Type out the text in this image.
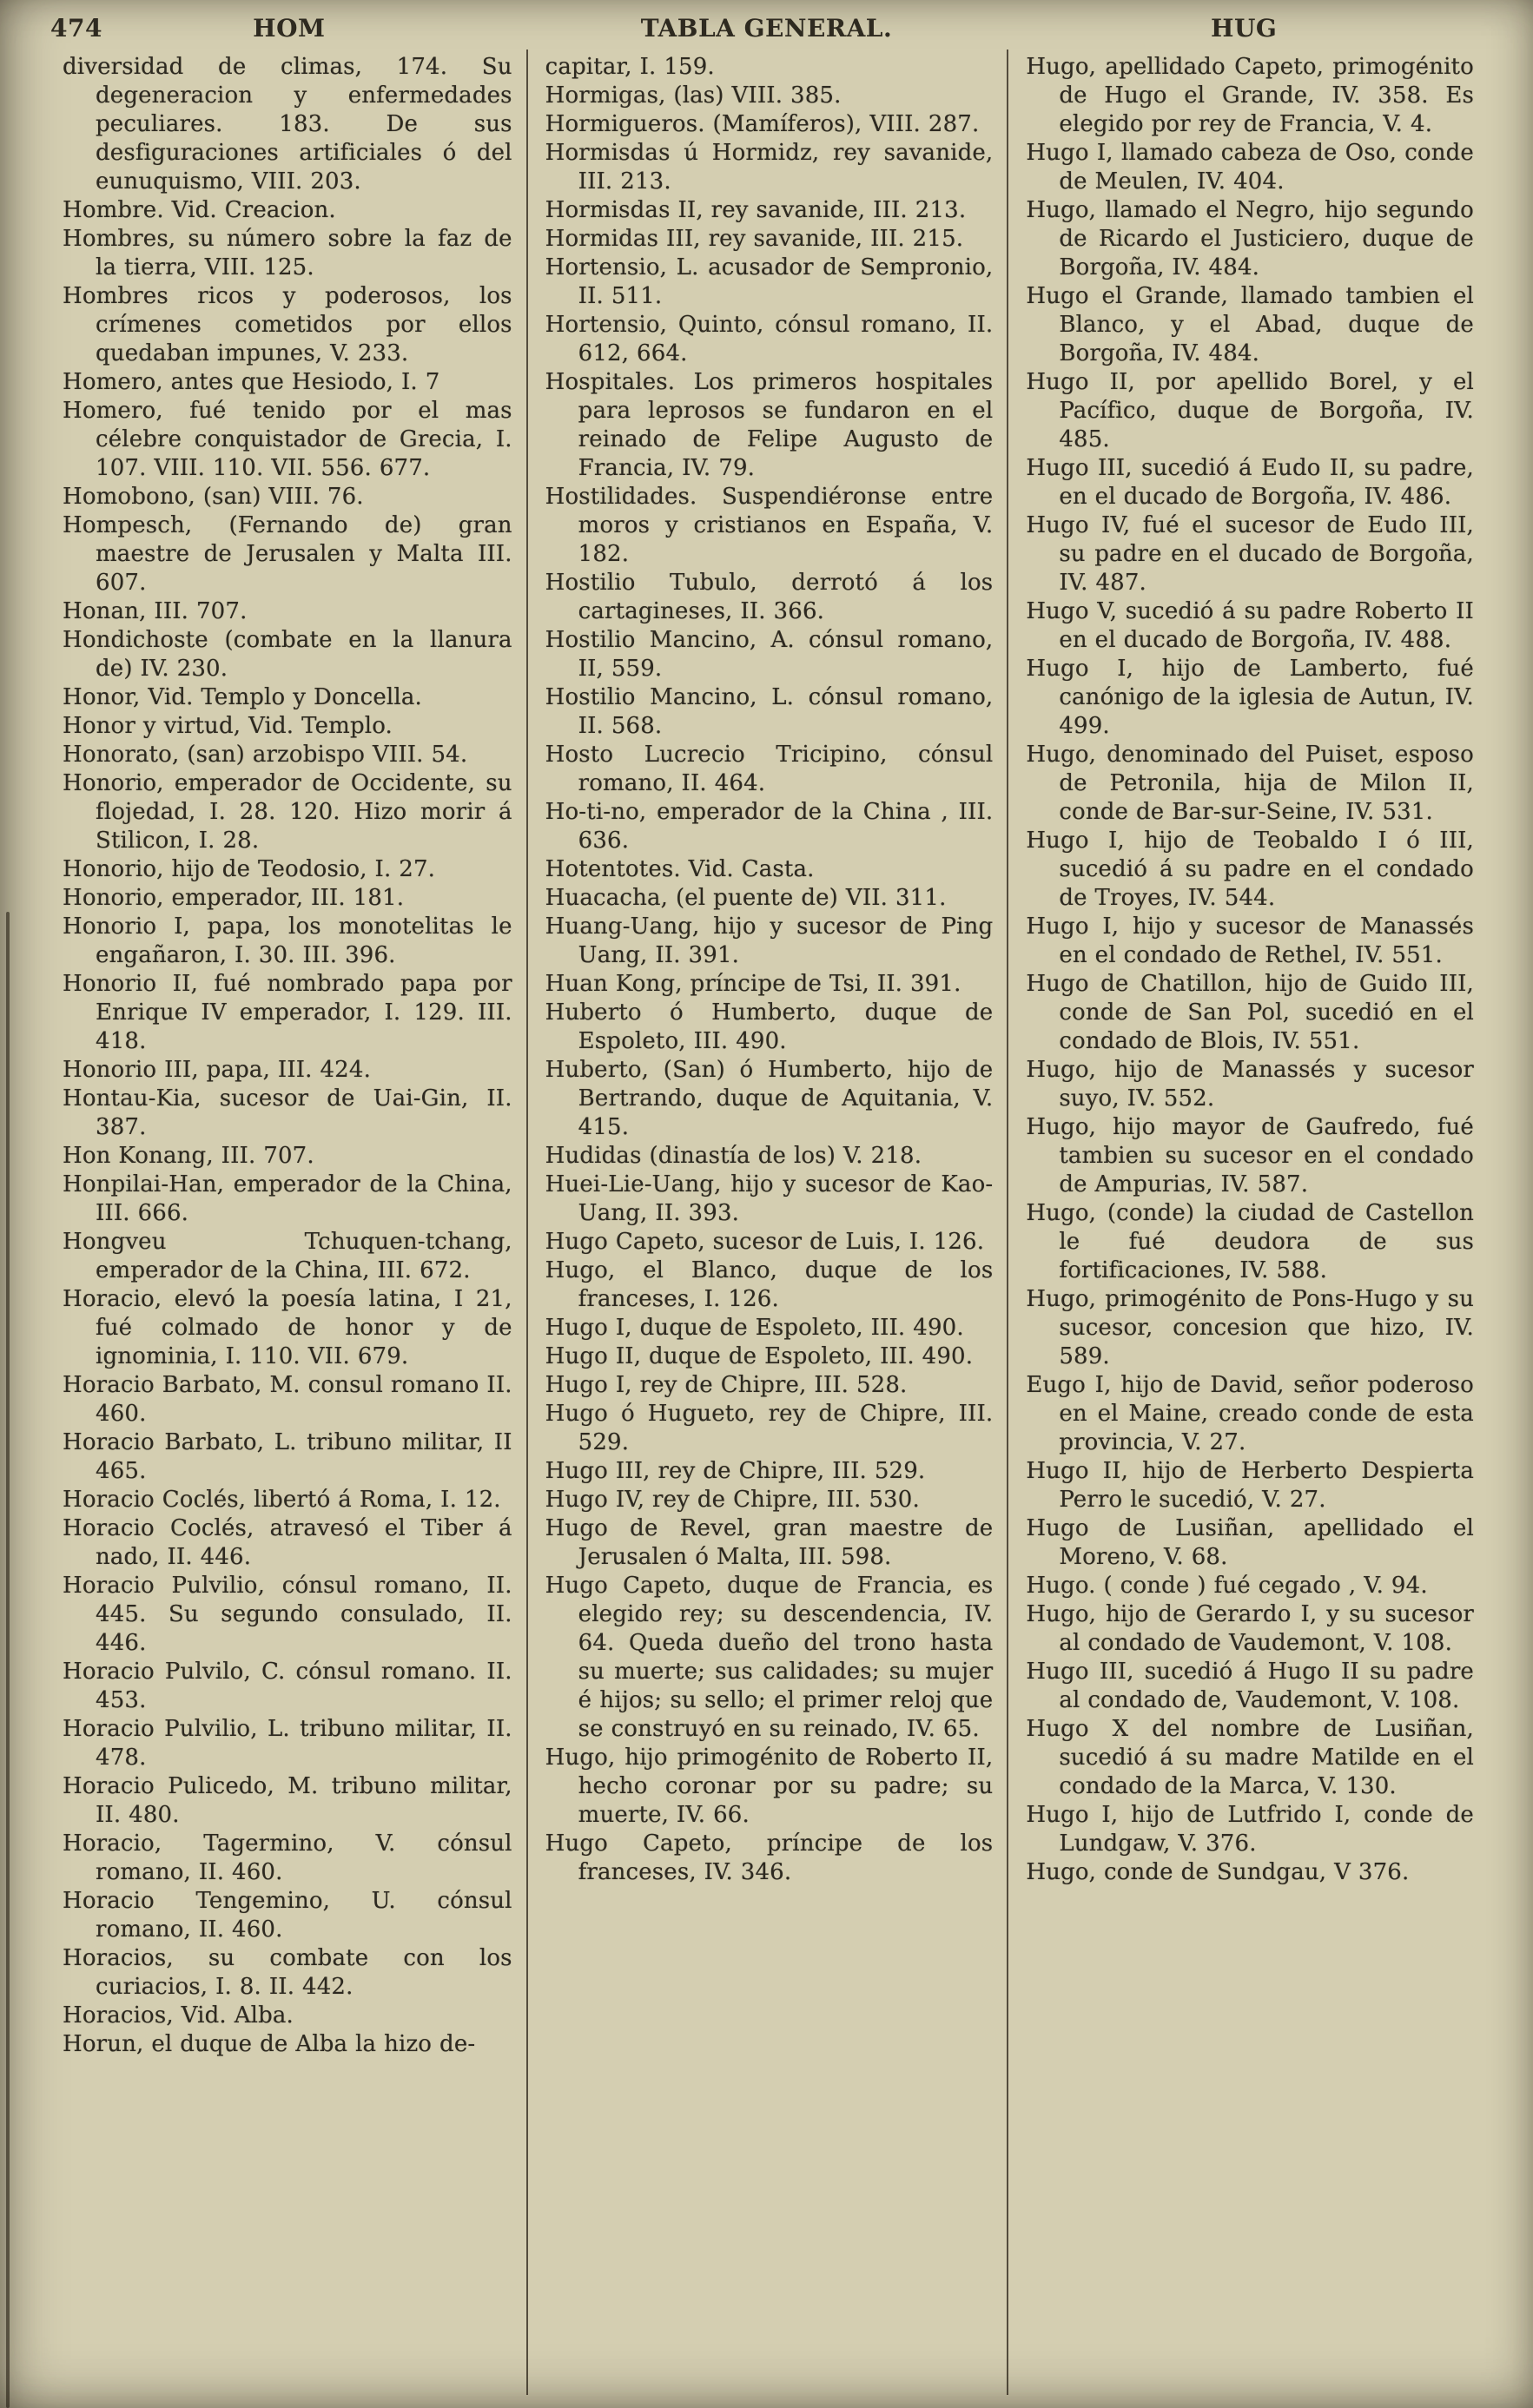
474	HOM	TABLA GENERAL.	HUG

diversidad de climas, 174. Su degeneracion y enfermedades peculiares. 183. De sus desfiguraciones artificiales ó del eunuquismo, VIII. 203.

Hombre. Vid. Creacion.

Hombres, su número sobre la faz de la tierra, VIII. 125.

Hombres ricos y poderosos, los crímenes cometidos por ellos quedaban impunes, V. 233.

Homero, antes que Hesiodo, I. 7

Homero, fué tenido por el mas célebre conquistador de Grecia, I. 107. VIII. 110. VII. 556. 677.

Homobono, (san) VIII. 76.

Hompesch, (Fernando de) gran maestre de Jerusalen y Malta III. 607.

Honan, III. 707.

Hondichoste (combate en la llanura de) IV. 230.

Honor, Vid. Templo y Doncella.

Honor y virtud, Vid. Templo.

Honorato, (san) arzobispo VIII. 54.

Honorio, emperador de Occidente, su flojedad, I. 28. 120. Hizo morir á Stilicon, I. 28.

Honorio, hijo de Teodosio, I. 27.

Honorio, emperador, III. 181.

Honorio I, papa, los monotelitas le engañaron, I. 30. III. 396.

Honorio II, fué nombrado papa por Enrique IV emperador, I. 129. III. 418.

Honorio III, papa, III. 424.

Hontau-Kia, sucesor de Uai-Gin, II. 387.

Hon Konang, III. 707.

Honpilai-Han, emperador de la China, III. 666.

Hongveu Tchuquen-tchang, emperador de la China, III. 672.

Horacio, elevó la poesía latina, I 21, fué colmado de honor y de ignominia, I. 110. VII. 679.

Horacio Barbato, M. consul romano II. 460.

Horacio Barbato, L. tribuno militar, II 465.

Horacio Coclés, libertó á Roma, I. 12.

Horacio Coclés, atravesó el Tiber á nado, II. 446.

Horacio Pulvilio, cónsul romano, II. 445. Su segundo consulado, II. 446.

Horacio Pulvilo, C. cónsul romano. II. 453.

Horacio Pulvilio, L. tribuno militar, II. 478.

Horacio Pulicedo, M. tribuno militar, II. 480.

Horacio, Tagermino, V. cónsul romano, II. 460.

Horacio Tengemino, U. cónsul romano, II. 460.

Horacios, su combate con los curiacios, I. 8. II. 442.

Horacios, Vid. Alba.

Horun, el duque de Alba la hizo de-

capitar, I. 159.

Hormigas, (las) VIII. 385.

Hormigueros. (Mamíferos), VIII. 287.

Hormisdas ú Hormidz, rey savanide, III. 213.

Hormisdas II, rey savanide, III. 213.

Hormidas III, rey savanide, III. 215.

Hortensio, L. acusador de Sempronio, II. 511.

Hortensio, Quinto, cónsul romano, II. 612, 664.

Hospitales. Los primeros hospitales para leprosos se fundaron en el reinado de Felipe Augusto de Francia, IV. 79.

Hostilidades. Suspendiéronse entre moros y cristianos en España, V. 182.

Hostilio Tubulo, derrotó á los cartagineses, II. 366.

Hostilio Mancino, A. cónsul romano, II, 559.

Hostilio Mancino, L. cónsul romano, II. 568.

Hosto Lucrecio Tricipino, cónsul romano, II. 464.

Ho-ti-no, emperador de la China , III. 636.

Hotentotes. Vid. Casta.

Huacacha, (el puente de) VII. 311.

Huang-Uang, hijo y sucesor de Ping Uang, II. 391.

Huan Kong, príncipe de Tsi, II. 391.

Huberto ó Humberto, duque de Espoleto, III. 490.

Huberto, (San) ó Humberto, hijo de Bertrando, duque de Aquitania, V. 415.

Hudidas (dinastía de los) V. 218.

Huei-Lie-Uang, hijo y sucesor de Kao-Uang, II. 393.

Hugo Capeto, sucesor de Luis, I. 126.

Hugo, el Blanco, duque de los franceses, I. 126.

Hugo I, duque de Espoleto, III. 490.

Hugo II, duque de Espoleto, III. 490.

Hugo I, rey de Chipre, III. 528.

Hugo ó Hugueto, rey de Chipre, III. 529.

Hugo III, rey de Chipre, III. 529.

Hugo IV, rey de Chipre, III. 530.

Hugo de Revel, gran maestre de Jerusalen ó Malta, III. 598.

Hugo Capeto, duque de Francia, es elegido rey; su descendencia, IV. 64. Queda dueño del trono hasta su muerte; sus calidades; su mujer é hijos; su sello; el primer reloj que se construyó en su reinado, IV. 65.

Hugo, hijo primogénito de Roberto II, hecho coronar por su padre; su muerte, IV. 66.

Hugo Capeto, príncipe de los franceses, IV. 346.

Hugo, apellidado Capeto, primogénito de Hugo el Grande, IV. 358. Es elegido por rey de Francia, V. 4.

Hugo I, llamado cabeza de Oso, conde de Meulen, IV. 404.

Hugo, llamado el Negro, hijo segundo de Ricardo el Justiciero, duque de Borgoña, IV. 484.

Hugo el Grande, llamado tambien el Blanco, y el Abad, duque de Borgoña, IV. 484.

Hugo II, por apellido Borel, y el Pacífico, duque de Borgoña, IV. 485.

Hugo III, sucedió á Eudo II, su padre, en el ducado de Borgoña, IV. 486.

Hugo IV, fué el sucesor de Eudo III, su padre en el ducado de Borgoña, IV. 487.

Hugo V, sucedió á su padre Roberto II en el ducado de Borgoña, IV. 488.

Hugo I, hijo de Lamberto, fué canónigo de la iglesia de Autun, IV. 499.

Hugo, denominado del Puiset, esposo de Petronila, hija de Milon II, conde de Bar-sur-Seine, IV. 531.

Hugo I, hijo de Teobaldo I ó III, sucedió á su padre en el condado de Troyes, IV. 544.

Hugo I, hijo y sucesor de Manassés en el condado de Rethel, IV. 551.

Hugo de Chatillon, hijo de Guido III, conde de San Pol, sucedió en el condado de Blois, IV. 551.

Hugo, hijo de Manassés y sucesor suyo, IV. 552.

Hugo, hijo mayor de Gaufredo, fué tambien su sucesor en el condado de Ampurias, IV. 587.

Hugo, (conde) la ciudad de Castellon le fué deudora de sus fortificaciones, IV. 588.

Hugo, primogénito de Pons-Hugo y su sucesor, concesion que hizo, IV. 589.

Eugo I, hijo de David, señor poderoso en el Maine, creado conde de esta provincia, V. 27.

Hugo II, hijo de Herberto Despierta Perro le sucedió, V. 27.

Hugo de Lusiñan, apellidado el Moreno, V. 68.

Hugo. ( conde ) fué cegado , V. 94.

Hugo, hijo de Gerardo I, y su sucesor al condado de Vaudemont, V. 108.

Hugo III, sucedió á Hugo II su padre al condado de, Vaudemont, V. 108.

Hugo X del nombre de Lusiñan, sucedió á su madre Matilde en el condado de la Marca, V. 130.

Hugo I, hijo de Lutfrido I, conde de Lundgaw, V. 376.

Hugo, conde de Sundgau, V 376.
